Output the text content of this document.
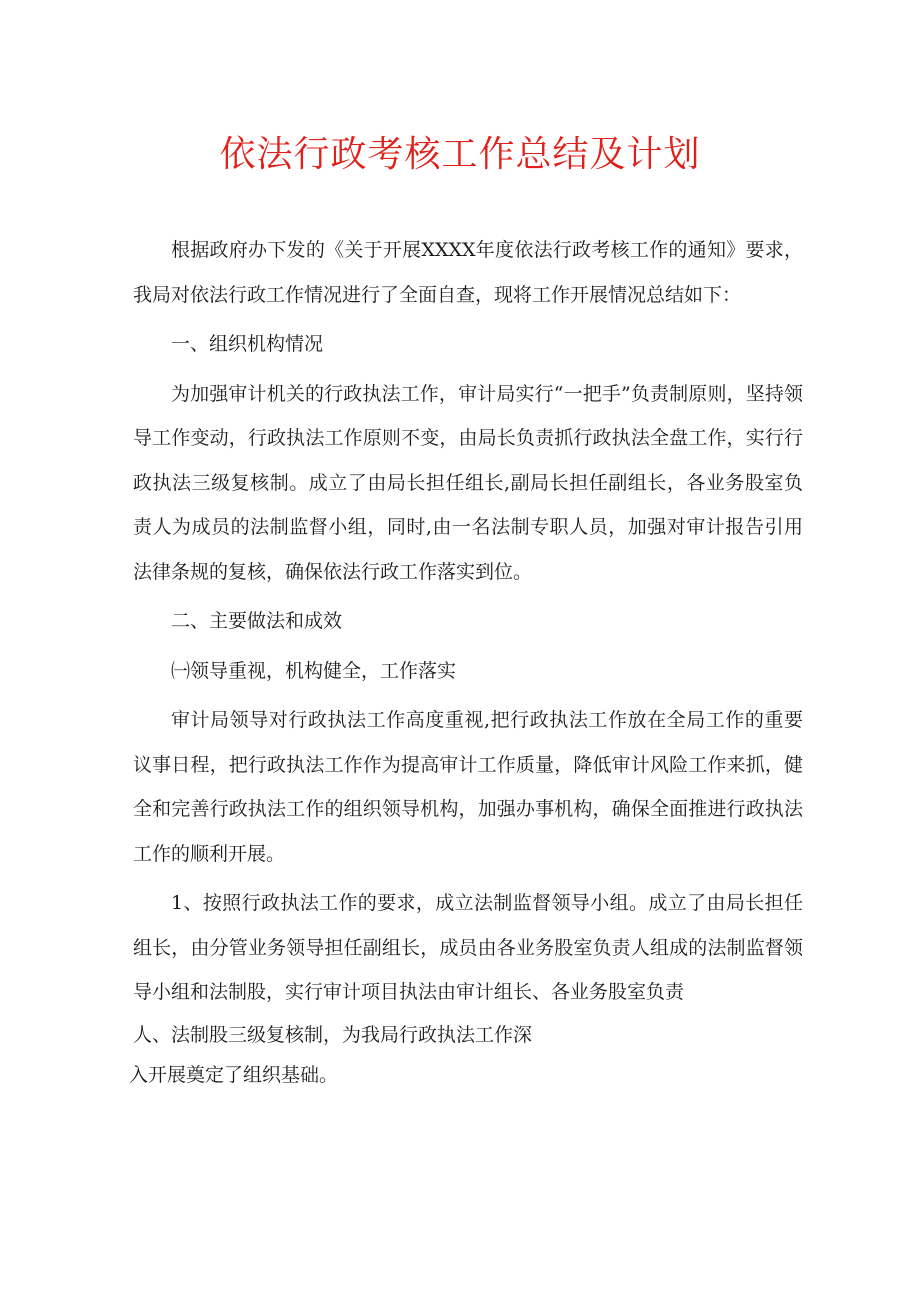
依法行政考核工作总结及计划

根据政府办下发的《关于开展XXXX年度依法行政考核工作的通知》要求，我局对依法行政工作情况进行了全面自查，现将工作开展情况总结如下：

一、组织机构情况

为加强审计机关的行政执法工作，审计局实行“一把手”负责制原则，坚持领导工作变动，行政执法工作原则不变，由局长负责抓行政执法全盘工作，实行行政执法三级复核制。成立了由局长担任组长,副局长担任副组长，各业务股室负责人为成员的法制监督小组，同时,由一名法制专职人员，加强对审计报告引用法律条规的复核，确保依法行政工作落实到位。

二、主要做法和成效

㈠领导重视，机构健全，工作落实

审计局领导对行政执法工作高度重视,把行政执法工作放在全局工作的重要议事日程，把行政执法工作作为提高审计工作质量，降低审计风险工作来抓，健全和完善行政执法工作的组织领导机构，加强办事机构，确保全面推进行政执法工作的顺利开展。

1、按照行政执法工作的要求，成立法制监督领导小组。成立了由局长担任组长，由分管业务领导担任副组长，成员由各业务股室负责人组成的法制监督领导小组和法制股，实行审计项目执法由审计组长、各业务股室负责

人、法制股三级复核制，为我局行政执法工作深
入开展奠定了组织基础。
